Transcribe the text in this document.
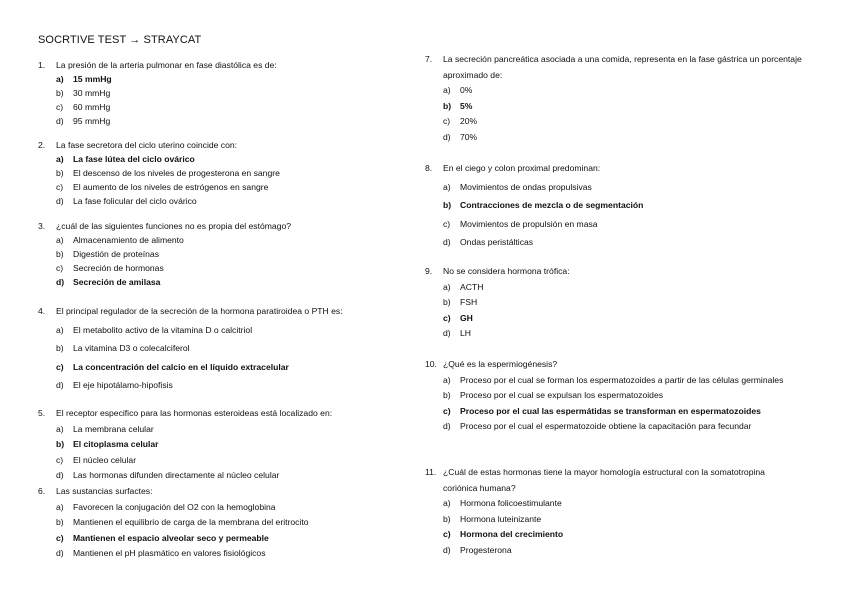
SOCRTIVE TEST → STRAYCAT
1.	La presión de la arteria pulmonar en fase diastólica es de:
a)	15 mmHg
b)	30 mmHg
c)	60 mmHg
d)	95 mmHg
2.	La fase secretora del ciclo uterino coincide con:
a)	La fase lútea del ciclo ovárico
b)	El descenso de los niveles de progesterona en sangre
c)	El aumento de los niveles de estrógenos en sangre
d)	La fase folicular del ciclo ovárico
3.	¿cuál de las siguientes funciones no es propia del estómago?
a)	Almacenamiento de alimento
b)	Digestión de proteínas
c)	Secreción de hormonas
d)	Secreción de amilasa
4.	El principal regulador de la secreción de la hormona paratiroidea o PTH es:
a)	El metabolito activo de la vitamina D o calcitriol
b)	La vitamina D3 o colecalciferol
c)	La concentración del calcio en el líquido extracelular
d)	El eje hipotálamo-hipofisis
5.	El receptor especifico para las hormonas esteroideas está localizado en:
a)	La membrana celular
b)	El citoplasma celular
c)	El núcleo celular
d)	Las hormonas difunden directamente al núcleo celular
6.	Las sustancias surfactes:
a)	Favorecen la conjugación del O2 con la hemoglobina
b)	Mantienen el equilibrio de carga de la membrana del eritrocito
c)	Mantienen el espacio alveolar seco y permeable
d)	Mantienen el pH plasmático en valores fisiológicos
7.	La secreción pancreática asociada a una comida, representa en la fase gástrica un porcentaje aproximado de:
a)	0%
b)	5%
c)	20%
d)	70%
8.	En el ciego y colon proximal predominan:
a)	Movimientos de ondas propulsivas
b)	Contracciones de mezcla o de segmentación
c)	Movimientos de propulsión en masa
d)	Ondas peristálticas
9.	No se considera hormona trófica:
a)	ACTH
b)	FSH
c)	GH
d)	LH
10. ¿Qué es la espermiogénesis?
a)	Proceso por el cual se forman los espermatozoides a partir de las células germinales
b)	Proceso por el cual se expulsan los espermatozoides
c)	Proceso por el cual las espermátidas se transforman en espermatozoides
d)	Proceso por el cual el espermatozoide obtiene la capacitación para fecundar
11. ¿Cuál de estas hormonas tiene la mayor homología estructural con la somatotropina coriónica humana?
a)	Hormona folicoestimulante
b)	Hormona luteinizante
c)	Hormona del crecimiento
d)	Progesterona
